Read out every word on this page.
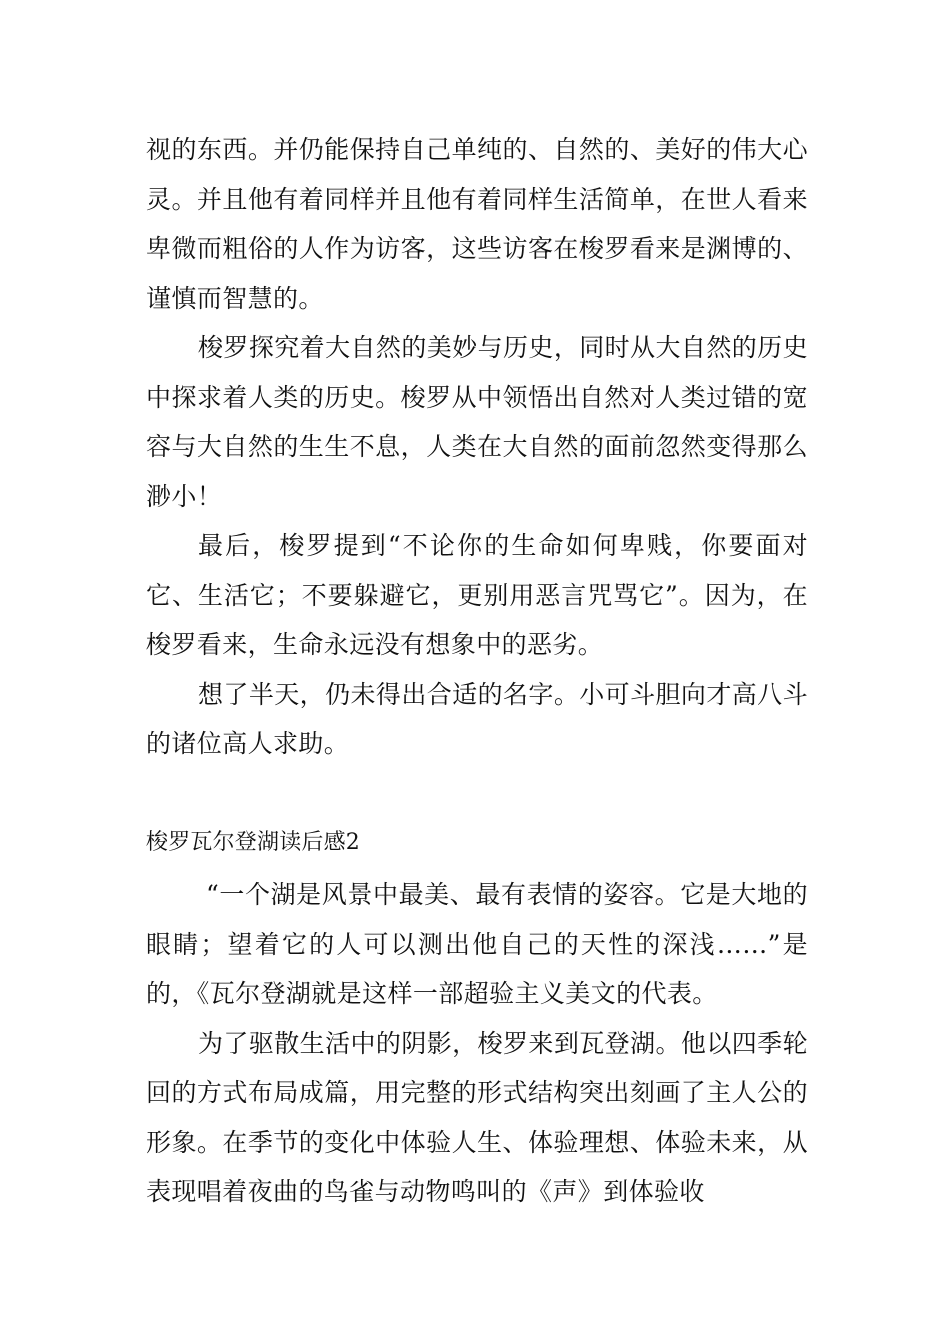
视的东西。并仍能保持自己单纯的、自然的、美好的伟大心灵。并且他有着同样并且他有着同样生活简单，在世人看来卑微而粗俗的人作为访客，这些访客在梭罗看来是渊博的、谨慎而智慧的。

梭罗探究着大自然的美妙与历史，同时从大自然的历史中探求着人类的历史。梭罗从中领悟出自然对人类过错的宽容与大自然的生生不息，人类在大自然的面前忽然变得那么渺小！

最后，梭罗提到“不论你的生命如何卑贱，你要面对它、生活它；不要躲避它，更别用恶言咒骂它”。因为，在梭罗看来，生命永远没有想象中的恶劣。

想了半天，仍未得出合适的名字。小可斗胆向才高八斗的诸位高人求助。

梭罗瓦尔登湖读后感2

“一个湖是风景中最美、最有表情的姿容。它是大地的眼睛；望着它的人可以测出他自己的天性的深浅……”是的，《瓦尔登湖就是这样一部超验主义美文的代表。

为了驱散生活中的阴影，梭罗来到瓦登湖。他以四季轮回的方式布局成篇，用完整的形式结构突出刻画了主人公的形象。在季节的变化中体验人生、体验理想、体验未来，从表现唱着夜曲的鸟雀与动物鸣叫的《声》到体验收
